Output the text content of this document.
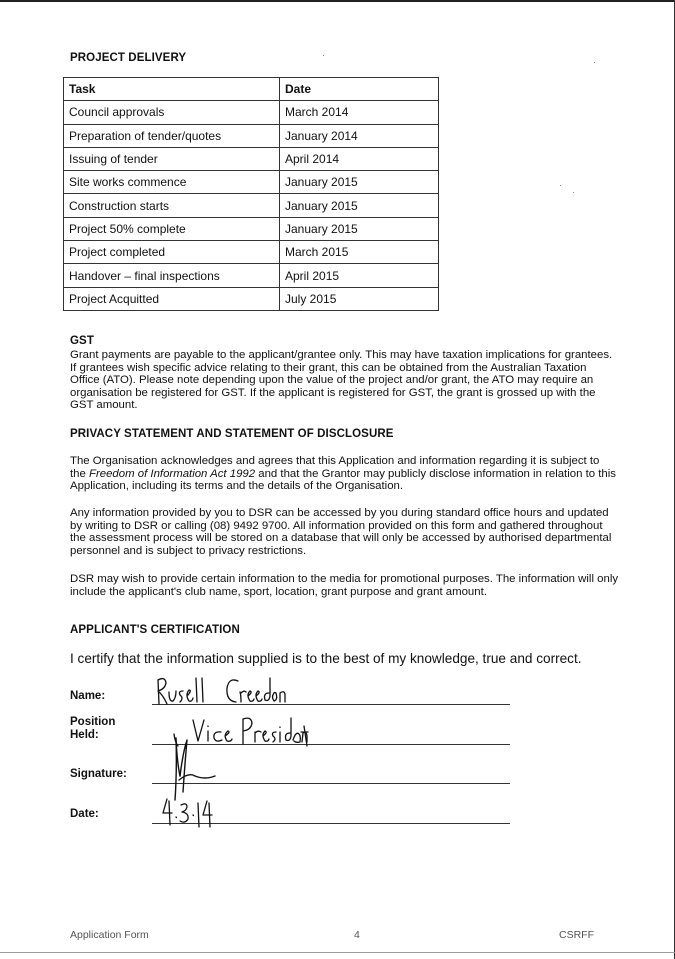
PROJECT DELIVERY
Task	Date
Council approvals	March 2014
Preparation of tender/quotes	January 2014
Issuing of tender	April 2014
Site works commence	January 2015
Construction starts	January 2015
Project 50% complete	January 2015
Project completed	March 2015
Handover – final inspections	April 2015
Project Acquitted	July 2015
GST
Grant payments are payable to the applicant/grantee only. This may have taxation implications for grantees.
If grantees wish specific advice relating to their grant, this can be obtained from the Australian Taxation
Office (ATO). Please note depending upon the value of the project and/or grant, the ATO may require an
organisation be registered for GST. If the applicant is registered for GST, the grant is grossed up with the
GST amount.
PRIVACY STATEMENT AND STATEMENT OF DISCLOSURE
The Organisation acknowledges and agrees that this Application and information regarding it is subject to
the Freedom of Information Act 1992 and that the Grantor may publicly disclose information in relation to this
Application, including its terms and the details of the Organisation.
Any information provided by you to DSR can be accessed by you during standard office hours and updated
by writing to DSR or calling (08) 9492 9700. All information provided on this form and gathered throughout
the assessment process will be stored on a database that will only be accessed by authorised departmental
personnel and is subject to privacy restrictions.
DSR may wish to provide certain information to the media for promotional purposes. The information will only
include the applicant's club name, sport, location, grant purpose and grant amount.
APPLICANT'S CERTIFICATION
I certify that the information supplied is to the best of my knowledge, true and correct.
Name:
Position
Held:
Signature:
Date:
Application Form	4	CSRFF
